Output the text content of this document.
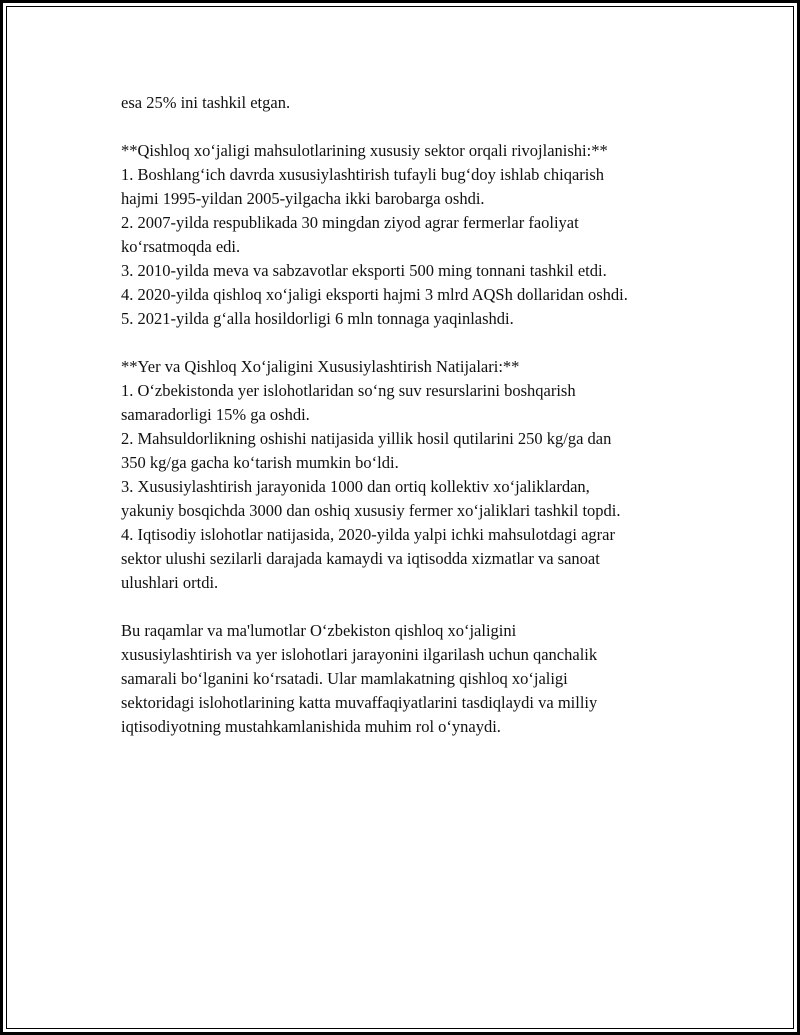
esa 25% ini tashkil etgan.
**Qishloq xo‘jaligi mahsulotlarining xususiy sektor orqali rivojlanishi:**
1. Boshlang‘ich davrda xususiylashtirish tufayli bug‘doy ishlab chiqarish
hajmi 1995-yildan 2005-yilgacha ikki barobarga oshdi.
2. 2007-yilda respublikada 30 mingdan ziyod agrar fermerlar faoliyat
ko‘rsatmoqda edi.
3. 2010-yilda meva va sabzavotlar eksporti 500 ming tonnani tashkil etdi.
4. 2020-yilda qishloq xo‘jaligi eksporti hajmi 3 mlrd AQSh dollaridan oshdi.
5. 2021-yilda g‘alla hosildorligi 6 mln tonnaga yaqinlashdi.
**Yer va Qishloq Xo‘jaligini Xususiylashtirish Natijalari:**
1. O‘zbekistonda yer islohotlaridan so‘ng suv resurslarini boshqarish
samaradorligi 15% ga oshdi.
2. Mahsuldorlikning oshishi natijasida yillik hosil qutilarini 250 kg/ga dan
350 kg/ga gacha ko‘tarish mumkin bo‘ldi.
3. Xususiylashtirish jarayonida 1000 dan ortiq kollektiv xo‘jaliklardan,
yakuniy bosqichda 3000 dan oshiq xususiy fermer xo‘jaliklari tashkil topdi.
4. Iqtisodiy islohotlar natijasida, 2020-yilda yalpi ichki mahsulotdagi agrar
sektor ulushi sezilarli darajada kamaydi va iqtisodda xizmatlar va sanoat
ulushlari ortdi.
Bu raqamlar va ma'lumotlar O‘zbekiston qishloq xo‘jaligini
xususiylashtirish va yer islohotlari jarayonini ilgarilash uchun qanchalik
samarali bo‘lganini ko‘rsatadi. Ular mamlakatning qishloq xo‘jaligi
sektoridagi islohotlarining katta muvaffaqiyatlarini tasdiqlaydi va milliy
iqtisodiyotning mustahkamlanishida muhim rol o‘ynaydi.
